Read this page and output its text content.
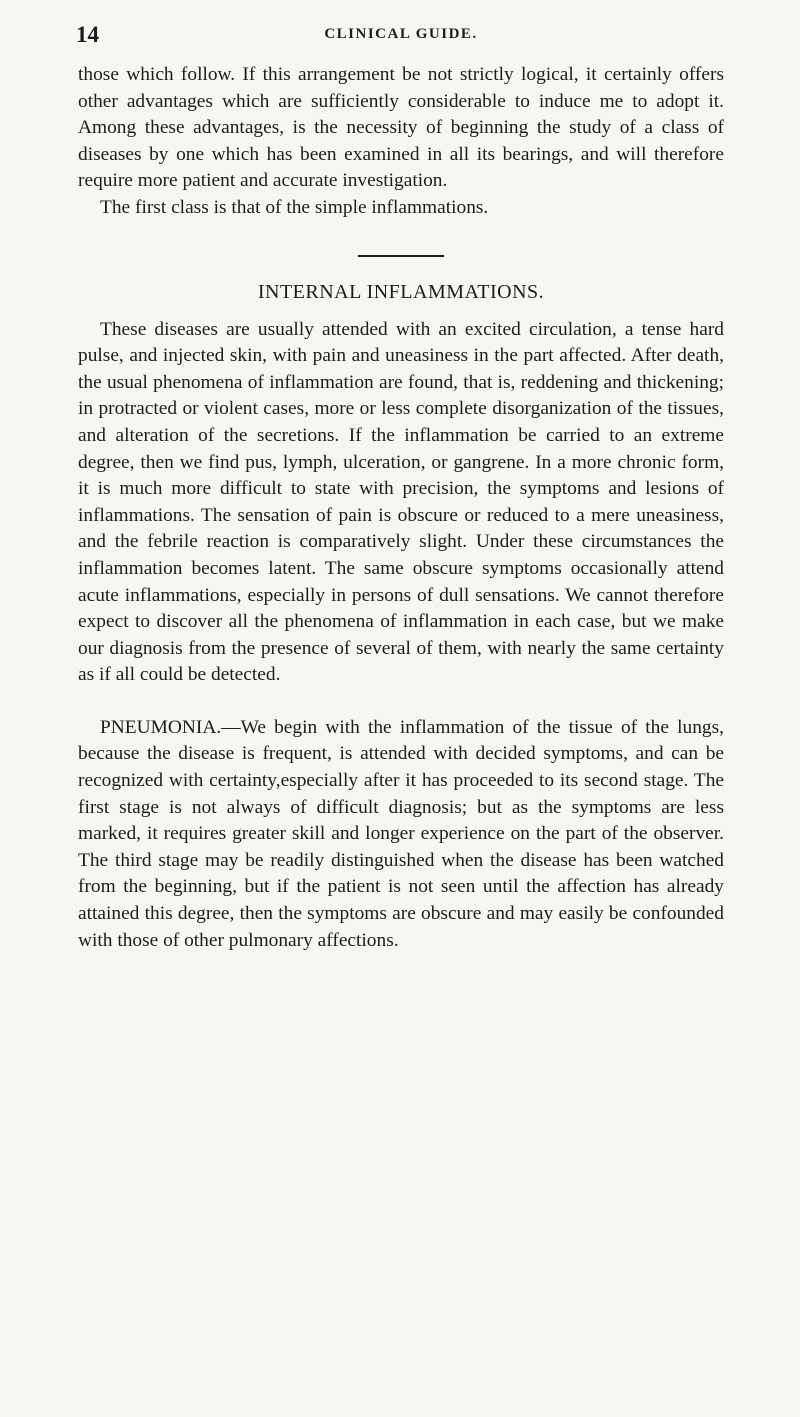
14	CLINICAL GUIDE.

those which follow. If this arrangement be not strictly logical, it certainly offers other advantages which are sufficiently considerable to induce me to adopt it. Among these advantages, is the necessity of beginning the study of a class of diseases by one which has been examined in all its bearings, and will therefore require more patient and accurate investigation.

The first class is that of the simple inflammations.

INTERNAL INFLAMMATIONS.

These diseases are usually attended with an excited circulation, a tense hard pulse, and injected skin, with pain and uneasiness in the part affected. After death, the usual phenomena of inflammation are found, that is, reddening and thickening; in protracted or violent cases, more or less complete disorganization of the tissues, and alteration of the secretions. If the inflammation be carried to an extreme degree, then we find pus, lymph, ulceration, or gangrene. In a more chronic form, it is much more difficult to state with precision, the symptoms and lesions of inflammations. The sensation of pain is obscure or reduced to a mere uneasiness, and the febrile reaction is comparatively slight. Under these circumstances the inflammation becomes latent. The same obscure symptoms occasionally attend acute inflammations, especially in persons of dull sensations. We cannot therefore expect to discover all the phenomena of inflammation in each case, but we make our diagnosis from the presence of several of them, with nearly the same certainty as if all could be detected.

PNEUMONIA.—We begin with the inflammation of the tissue of the lungs, because the disease is frequent, is attended with decided symptoms, and can be recognized with certainty,especially after it has proceeded to its second stage. The first stage is not always of difficult diagnosis; but as the symptoms are less marked, it requires greater skill and longer experience on the part of the observer. The third stage may be readily distinguished when the disease has been watched from the beginning, but if the patient is not seen until the affection has already attained this degree, then the symptoms are obscure and may easily be confounded with those of other pulmonary affections.
